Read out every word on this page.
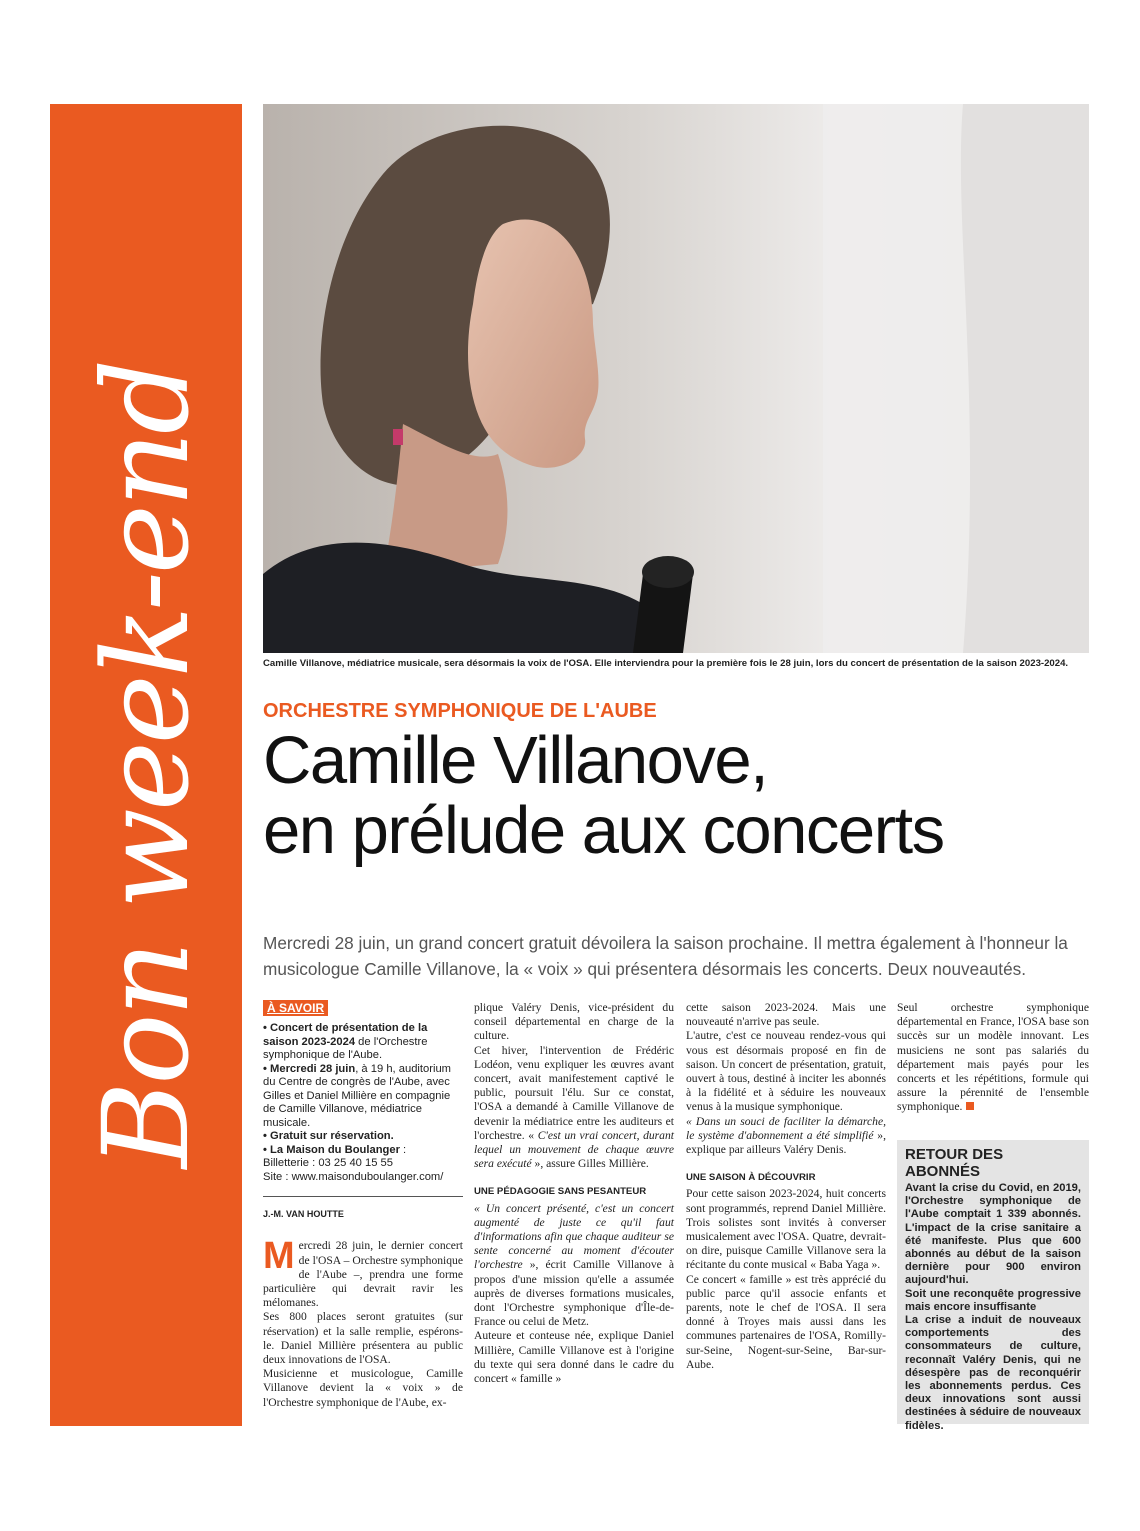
Bon week-end	Camille Villanove, médiatrice musicale, sera désormais la voix de l'OSA. Elle interviendra pour la première fois le 28 juin, lors du concert de présentation de la saison 2023-2024.
ORCHESTRE SYMPHONIQUE DE L'AUBE
Camille Villanove,
en prélude aux concerts
Mercredi 28 juin, un grand concert gratuit dévoilera la saison prochaine. Il mettra également à l'honneur la musicologue Camille Villanove, la « voix » qui présentera désormais les concerts. Deux nouveautés.
À SAVOIR
• Concert de présentation de la saison 2023-2024 de l'Orchestre symphonique de l'Aube.
• Mercredi 28 juin, à 19 h, auditorium du Centre de congrès de l'Aube, avec Gilles et Daniel Millière en compagnie de Camille Villanove, médiatrice musicale.
• Gratuit sur réservation.
• La Maison du Boulanger :
Billetterie : 03 25 40 15 55
Site : www.maisonduboulanger.com/
J.-M. VAN HOUTTE

Mercredi 28 juin, le dernier concert de l'OSA – Orchestre symphonique de l'Aube –, prendra une forme particulière qui devrait ravir les mélomanes.

Ses 800 places seront gratuites (sur réservation) et la salle remplie, espérons-le. Daniel Millière présentera au public deux innovations de l'OSA.

Musicienne et musicologue, Camille Villanove devient la « voix » de l'Orchestre symphonique de l'Aube, ex-

plique Valéry Denis, vice-président du conseil départemental en charge de la culture.

Cet hiver, l'intervention de Frédéric Lodéon, venu expliquer les œuvres avant concert, avait manifestement captivé le public, poursuit l'élu. Sur ce constat, l'OSA a demandé à Camille Villanove de devenir la médiatrice entre les auditeurs et l'orchestre. « C'est un vrai concert, durant lequel un mouvement de chaque œuvre sera exécuté », assure Gilles Millière.

UNE PÉDAGOGIE SANS PESANTEUR

« Un concert présenté, c'est un concert augmenté de juste ce qu'il faut d'informations afin que chaque auditeur se sente concerné au moment d'écouter l'orchestre », écrit Camille Villanove à propos d'une mission qu'elle a assumée auprès de diverses formations musicales, dont l'Orchestre symphonique d'Île-de-France ou celui de Metz.

Auteure et conteuse née, explique Daniel Millière, Camille Villanove est à l'origine du texte qui sera donné dans le cadre du concert « famille »

cette saison 2023-2024. Mais une nouveauté n'arrive pas seule.

L'autre, c'est ce nouveau rendez-vous qui vous est désormais proposé en fin de saison. Un concert de présentation, gratuit, ouvert à tous, destiné à inciter les abonnés à la fidélité et à séduire les nouveaux venus à la musique symphonique.

« Dans un souci de faciliter la démarche, le système d'abonnement a été simplifié », explique par ailleurs Valéry Denis.

UNE SAISON À DÉCOUVRIR

Pour cette saison 2023-2024, huit concerts sont programmés, reprend Daniel Millière. Trois solistes sont invités à converser musicalement avec l'OSA. Quatre, devrait-on dire, puisque Camille Villanove sera la récitante du conte musical « Baba Yaga ».

Ce concert « famille » est très apprécié du public parce qu'il associe enfants et parents, note le chef de l'OSA. Il sera donné à Troyes mais aussi dans les communes partenaires de l'OSA, Romilly-sur-Seine, Nogent-sur-Seine, Bar-sur-Aube.

Seul orchestre symphonique départemental en France, l'OSA base son succès sur un modèle innovant. Les musiciens ne sont pas salariés du département mais payés pour les concerts et les répétitions, formule qui assure la pérennité de l'ensemble symphonique.

RETOUR DES ABONNÉS

Avant la crise du Covid, en 2019, l'Orchestre symphonique de l'Aube comptait 1 339 abonnés. L'impact de la crise sanitaire a été manifeste. Plus que 600 abonnés au début de la saison dernière pour 900 environ aujourd'hui.

Soit une reconquête progressive mais encore insuffisante

La crise a induit de nouveaux comportements des consommateurs de culture, reconnaît Valéry Denis, qui ne désespère pas de reconquérir les abonnements perdus. Ces deux innovations sont aussi destinées à séduire de nouveaux fidèles.
